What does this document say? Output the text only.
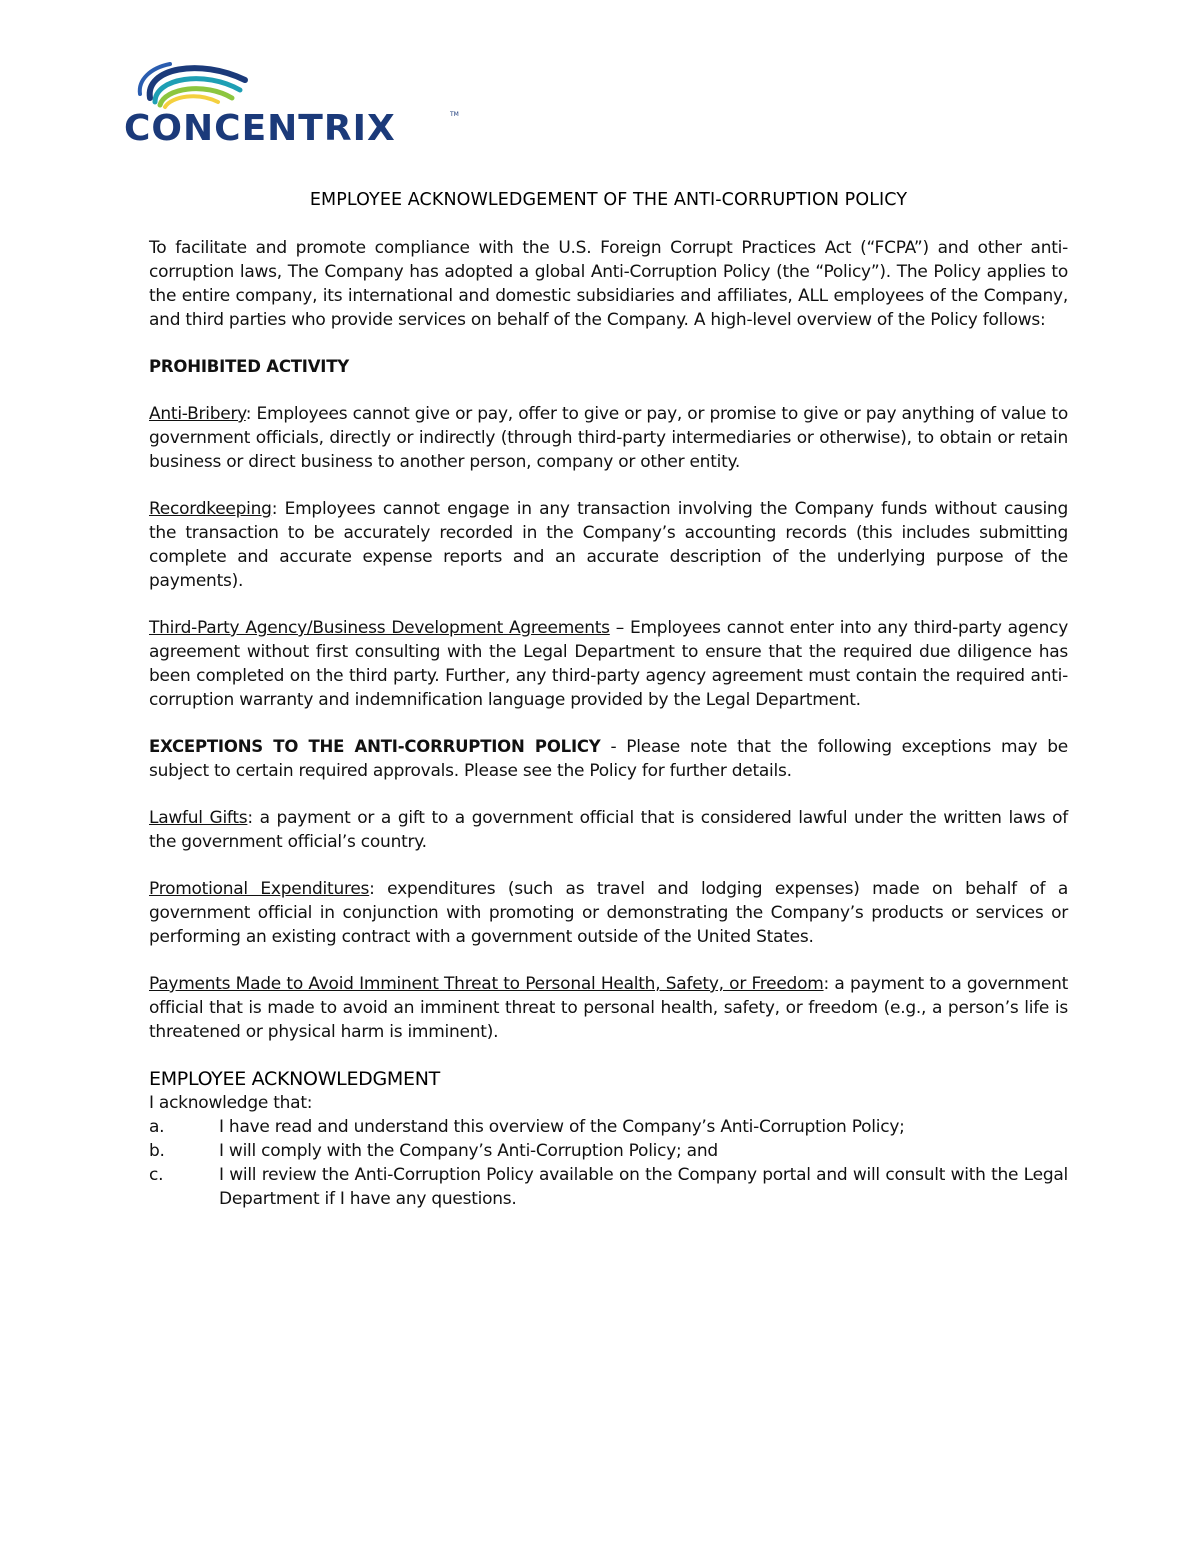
CONCENTRIX	TM
EMPLOYEE ACKNOWLEDGEMENT OF THE ANTI-CORRUPTION POLICY

To facilitate and promote compliance with the U.S. Foreign Corrupt Practices Act (“FCPA”) and other anti-corruption laws, The Company has adopted a global Anti-Corruption Policy (the “Policy”). The Policy applies to the entire company, its international and domestic subsidiaries and affiliates, ALL employees of the Company, and third parties who provide services on behalf of the Company. A high-level overview of the Policy follows:

PROHIBITED ACTIVITY

Anti-Bribery: Employees cannot give or pay, offer to give or pay, or promise to give or pay anything of value to government officials, directly or indirectly (through third-party intermediaries or otherwise), to obtain or retain business or direct business to another person, company or other entity.

Recordkeeping: Employees cannot engage in any transaction involving the Company funds without causing the transaction to be accurately recorded in the Company’s accounting records (this includes submitting complete and accurate expense reports and an accurate description of the underlying purpose of the payments).

Third-Party Agency/Business Development Agreements – Employees cannot enter into any third-party agency agreement without first consulting with the Legal Department to ensure that the required due diligence has been completed on the third party. Further, any third-party agency agreement must contain the required anti-corruption warranty and indemnification language provided by the Legal Department.

EXCEPTIONS TO THE ANTI-CORRUPTION POLICY - Please note that the following exceptions may be subject to certain required approvals. Please see the Policy for further details.

Lawful Gifts: a payment or a gift to a government official that is considered lawful under the written laws of the government official’s country.

Promotional Expenditures: expenditures (such as travel and lodging expenses) made on behalf of a government official in conjunction with promoting or demonstrating the Company’s products or services or performing an existing contract with a government outside of the United States.

Payments Made to Avoid Imminent Threat to Personal Health, Safety, or Freedom: a payment to a government official that is made to avoid an imminent threat to personal health, safety, or freedom (e.g., a person’s life is threatened or physical harm is imminent).

EMPLOYEE ACKNOWLEDGMENT

I acknowledge that:

a.	I have read and understand this overview of the Company’s Anti-Corruption Policy;
b.	I will comply with the Company’s Anti-Corruption Policy; and
c.	I will review the Anti-Corruption Policy available on the Company portal and will consult with the Legal Department if I have any questions.
